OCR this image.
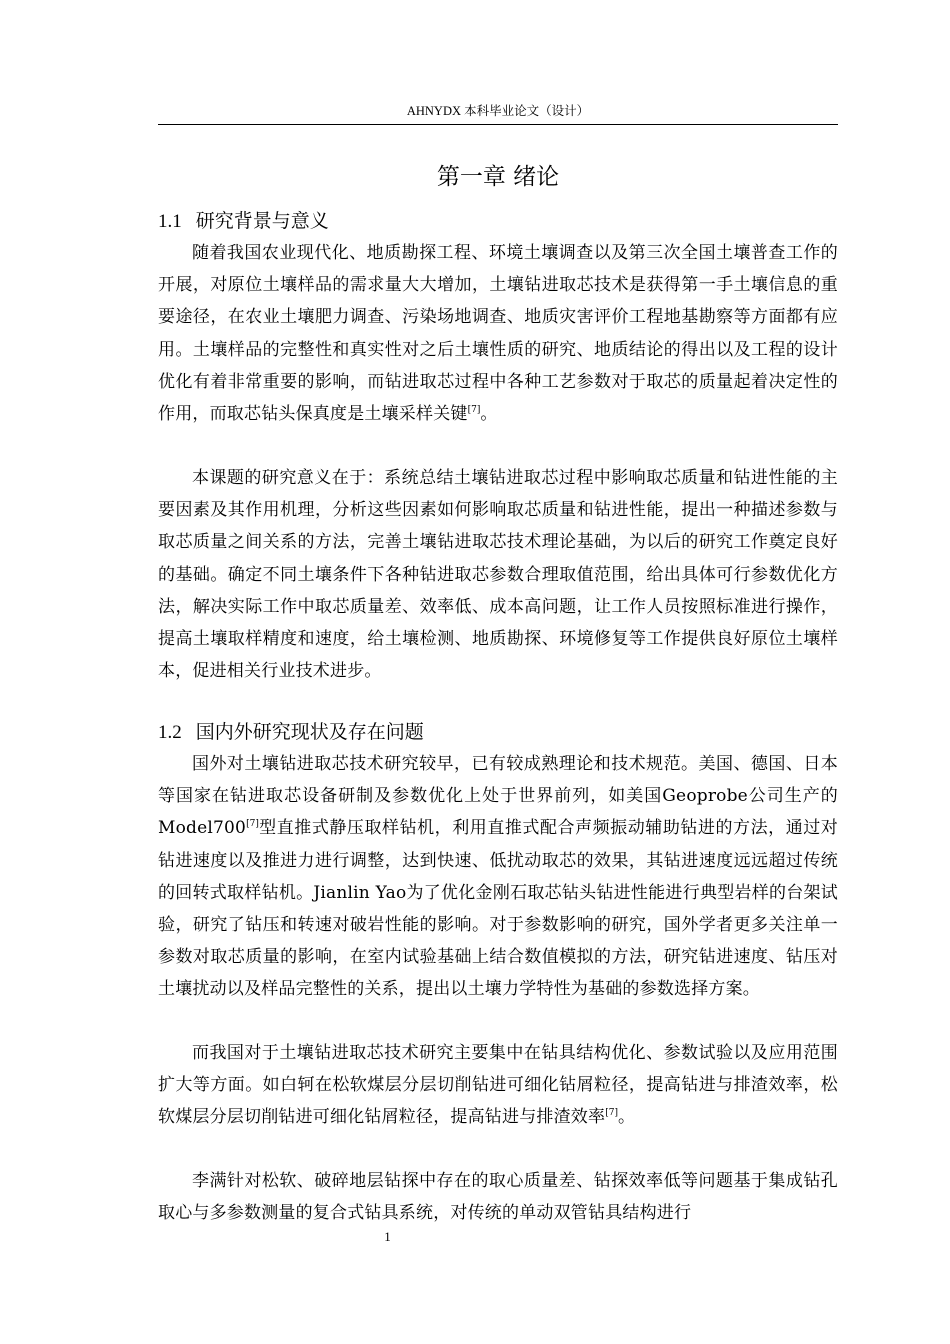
AHNYDX 本科毕业论文（设计）
第一章 绪论
1.1 研究背景与意义

随着我国农业现代化、地质勘探工程、环境土壤调查以及第三次全国土壤普查工作的开展，对原位土壤样品的需求量大大增加，土壤钻进取芯技术是获得第一手土壤信息的重要途径，在农业土壤肥力调查、污染场地调查、地质灾害评价工程地基勘察等方面都有应用。土壤样品的完整性和真实性对之后土壤性质的研究、地质结论的得出以及工程的设计优化有着非常重要的影响，而钻进取芯过程中各种工艺参数对于取芯的质量起着决定性的作用，而取芯钻头保真度是土壤采样关键[7]。

本课题的研究意义在于：系统总结土壤钻进取芯过程中影响取芯质量和钻进性能的主要因素及其作用机理，分析这些因素如何影响取芯质量和钻进性能，提出一种描述参数与取芯质量之间关系的方法，完善土壤钻进取芯技术理论基础，为以后的研究工作奠定良好的基础。确定不同土壤条件下各种钻进取芯参数合理取值范围，给出具体可行参数优化方法，解决实际工作中取芯质量差、效率低、成本高问题，让工作人员按照标准进行操作，提高土壤取样精度和速度，给土壤检测、地质勘探、环境修复等工作提供良好原位土壤样本，促进相关行业技术进步。

1.2 国内外研究现状及存在问题

国外对土壤钻进取芯技术研究较早，已有较成熟理论和技术规范。美国、德国、日本等国家在钻进取芯设备研制及参数优化上处于世界前列，如美国Geoprobe公司生产的Model700[7]型直推式静压取样钻机，利用直推式配合声频振动辅助钻进的方法，通过对钻进速度以及推进力进行调整，达到快速、低扰动取芯的效果，其钻进速度远远超过传统的回转式取样钻机。Jianlin Yao为了优化金刚石取芯钻头钻进性能进行典型岩样的台架试验，研究了钻压和转速对破岩性能的影响。对于参数影响的研究，国外学者更多关注单一参数对取芯质量的影响，在室内试验基础上结合数值模拟的方法，研究钻进速度、钻压对土壤扰动以及样品完整性的关系，提出以土壤力学特性为基础的参数选择方案。

而我国对于土壤钻进取芯技术研究主要集中在钻具结构优化、参数试验以及应用范围扩大等方面。如白轲在松软煤层分层切削钻进可细化钻屑粒径，提高钻进与排渣效率，松软煤层分层切削钻进可细化钻屑粒径，提高钻进与排渣效率[7]。

李满针对松软、破碎地层钻探中存在的取心质量差、钻探效率低等问题基于集成钻孔取心与多参数测量的复合式钻具系统，对传统的单动双管钻具结构进行

1
